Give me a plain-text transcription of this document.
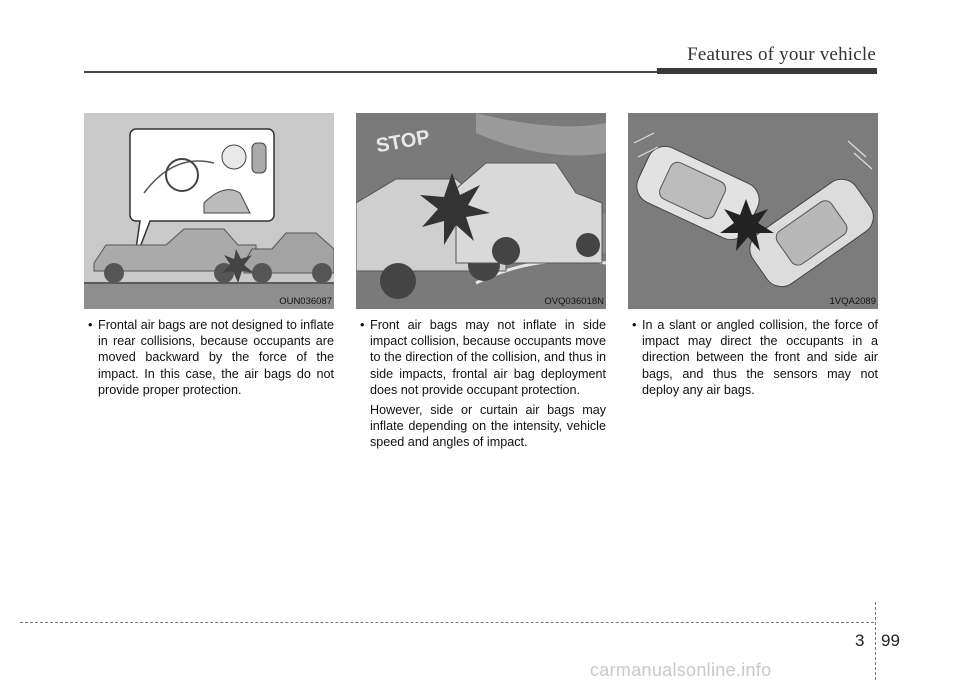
Features of your vehicle
OUN036087
• Frontal air bags are not designed to inflate in rear collisions, because occupants are moved backward by the force of the impact. In this case, the air bags do not provide proper protection.
STOP
OVQ036018N
• Front air bags may not inflate in side impact collision, because occupants move to the direction of the collision, and thus in side impacts, frontal air bag deployment does not provide occupant protection.
However, side or curtain air bags may inflate depending on the intensity, vehicle speed and angles of impact.
1VQA2089
• In a slant or angled collision, the force of impact may direct the occupants in a direction between the front and side air bags, and thus the sensors may not deploy any air bags.
3 99
carmanualsonline.info
